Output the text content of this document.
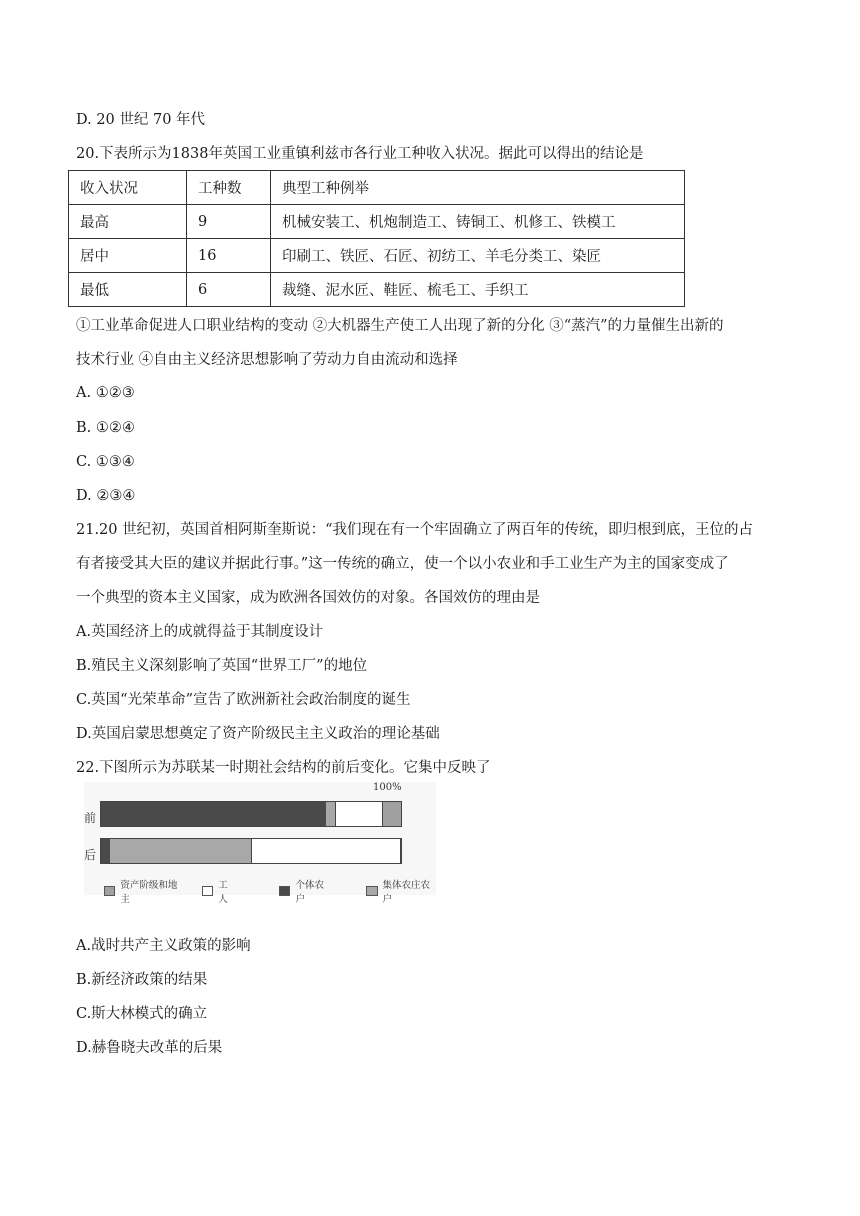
D. 20 世纪 70 年代
20.下表所示为1838年英国工业重镇利兹市各行业工种收入状况。据此可以得出的结论是
收入状况	工种数	典型工种例举
最高	9	机械安装工、机炮制造工、铸铜工、机修工、铁模工
居中	16	印刷工、铁匠、石匠、初纺工、羊毛分类工、染匠
最低	6	裁缝、泥水匠、鞋匠、梳毛工、手织工
①工业革命促进人口职业结构的变动 ②大机器生产使工人出现了新的分化 ③“蒸汽”的力量催生出新的
技术行业 ④自由主义经济思想影响了劳动力自由流动和选择
A. ①②③
B. ①②④
C. ①③④
D. ②③④
21.20 世纪初，英国首相阿斯奎斯说：“我们现在有一个牢固确立了两百年的传统，即归根到底，王位的占
有者接受其大臣的建议并据此行事。”这一传统的确立，使一个以小农业和手工业生产为主的国家变成了
一个典型的资本主义国家，成为欧洲各国效仿的对象。各国效仿的理由是
A.英国经济上的成就得益于其制度设计
B.殖民主义深刻影响了英国“世界工厂”的地位
C.英国“光荣革命”宣告了欧洲新社会政治制度的诞生
D.英国启蒙思想奠定了资产阶级民主主义政治的理论基础
22.下图所示为苏联某一时期社会结构的前后变化。它集中反映了
100%
前
后
资产阶级和地主
工人
个体农户
集体农庄农户
A.战时共产主义政策的影响
B.新经济政策的结果
C.斯大林模式的确立
D.赫鲁晓夫改革的后果
